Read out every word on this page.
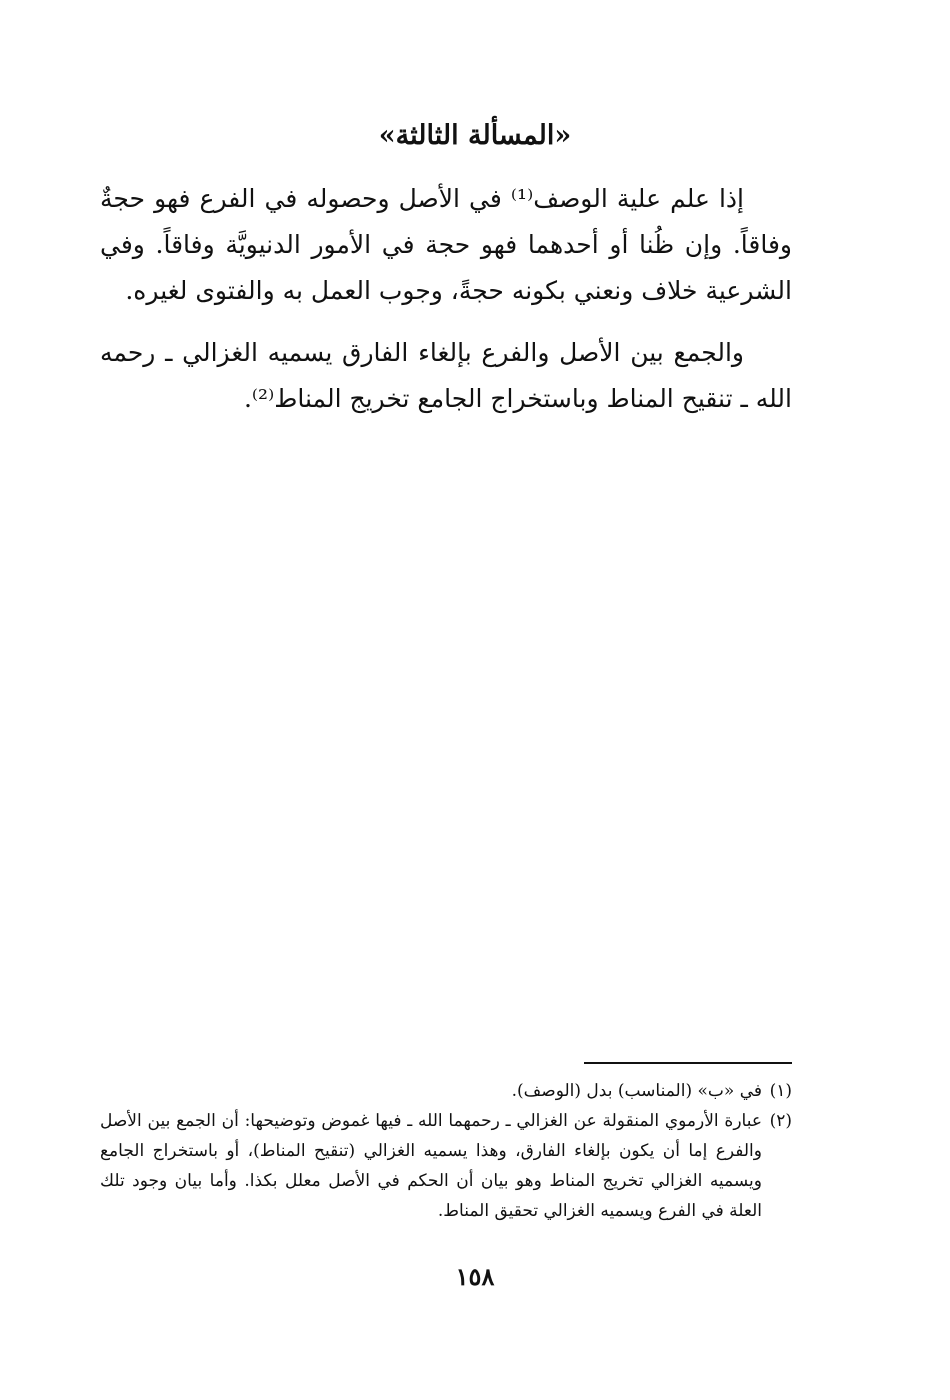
«المسألة الثالثة»

إذا علم علية الوصف⁽¹⁾ في الأصل وحصوله في الفرع فهو حجةٌ وفاقاً. وإن ظُنا أو أحدهما فهو حجة في الأمور الدنيويَّة وفاقاً. وفي الشرعية خلاف ونعني بكونه حجةً، وجوب العمل به والفتوى لغيره.

والجمع بين الأصل والفرع بإلغاء الفارق يسميه الغزالي ـ رحمه الله ـ تنقيح المناط وباستخراج الجامع تخريج المناط⁽²⁾.

(١)
في «ب» (المناسب) بدل (الوصف).

(٢)
عبارة الأرموي المنقولة عن الغزالي ـ رحمهما الله ـ فيها غموض وتوضيحها: أن الجمع بين الأصل والفرع إما أن يكون بإلغاء الفارق، وهذا يسميه الغزالي (تنقيح المناط)، أو باستخراج الجامع ويسميه الغزالي تخريج المناط وهو بيان أن الحكم في الأصل معلل بكذا. وأما بيان وجود تلك العلة في الفرع ويسميه الغزالي تحقيق المناط.

١٥٨
